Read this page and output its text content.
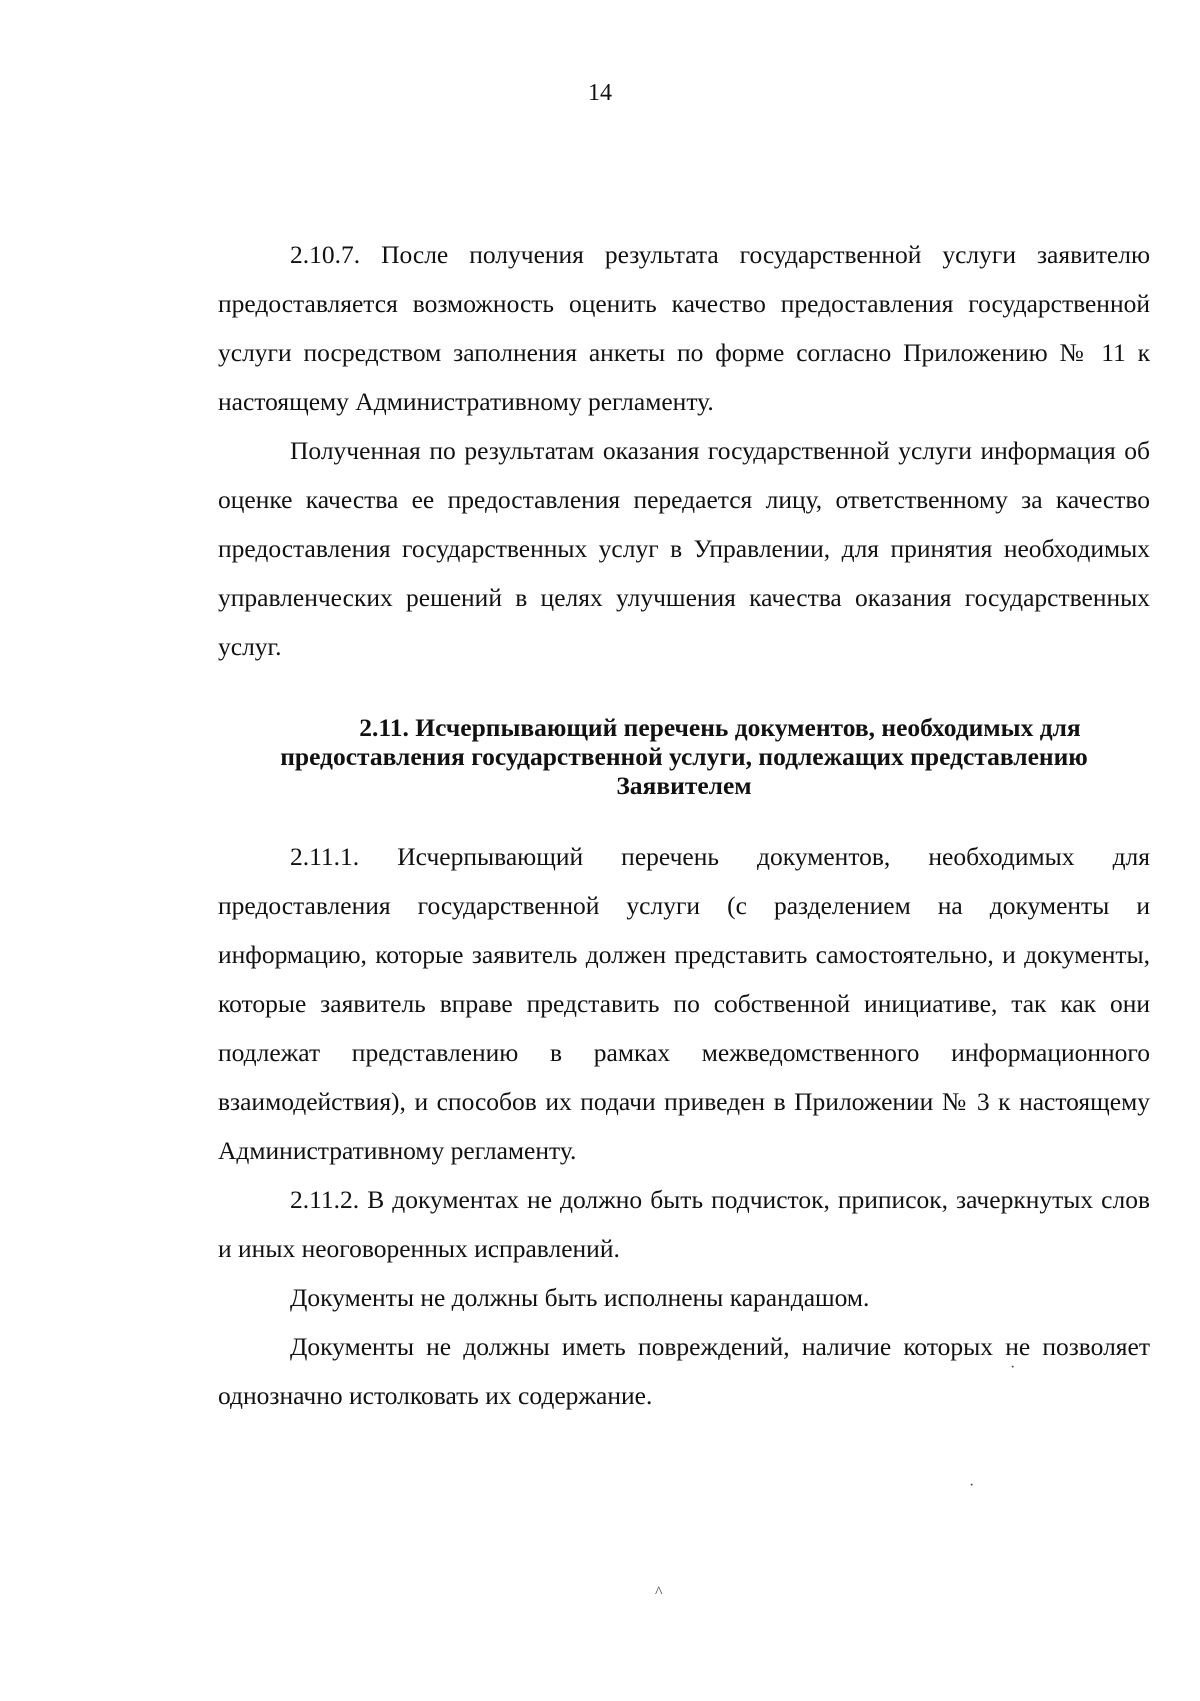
14

2.10.7. После получения результата государственной услуги заявителю предоставляется возможность оценить качество предоставления государственной услуги посредством заполнения анкеты по форме согласно Приложению № 11 к настоящему Административному регламенту.

Полученная по результатам оказания государственной услуги информация об оценке качества ее предоставления передается лицу, ответственному за качество предоставления государственных услуг в Управлении, для принятия необходимых управленческих решений в целях улучшения качества оказания государственных услуг.

2.11. Исчерпывающий перечень документов, необходимых для
предоставления государственной услуги, подлежащих представлению
Заявителем

2.11.1. Исчерпывающий перечень документов, необходимых для предоставления государственной услуги (с разделением на документы и информацию, которые заявитель должен представить самостоятельно, и документы, которые заявитель вправе представить по собственной инициативе, так как они подлежат представлению в рамках межведомственного информационного взаимодействия), и способов их подачи приведен в Приложении № 3 к настоящему Административному регламенту.

2.11.2. В документах не должно быть подчисток, приписок, зачеркнутых слов и иных неоговоренных исправлений.

Документы не должны быть исполнены карандашом.

Документы не должны иметь повреждений, наличие которых не позволяет однозначно истолковать их содержание.

·
·
^
